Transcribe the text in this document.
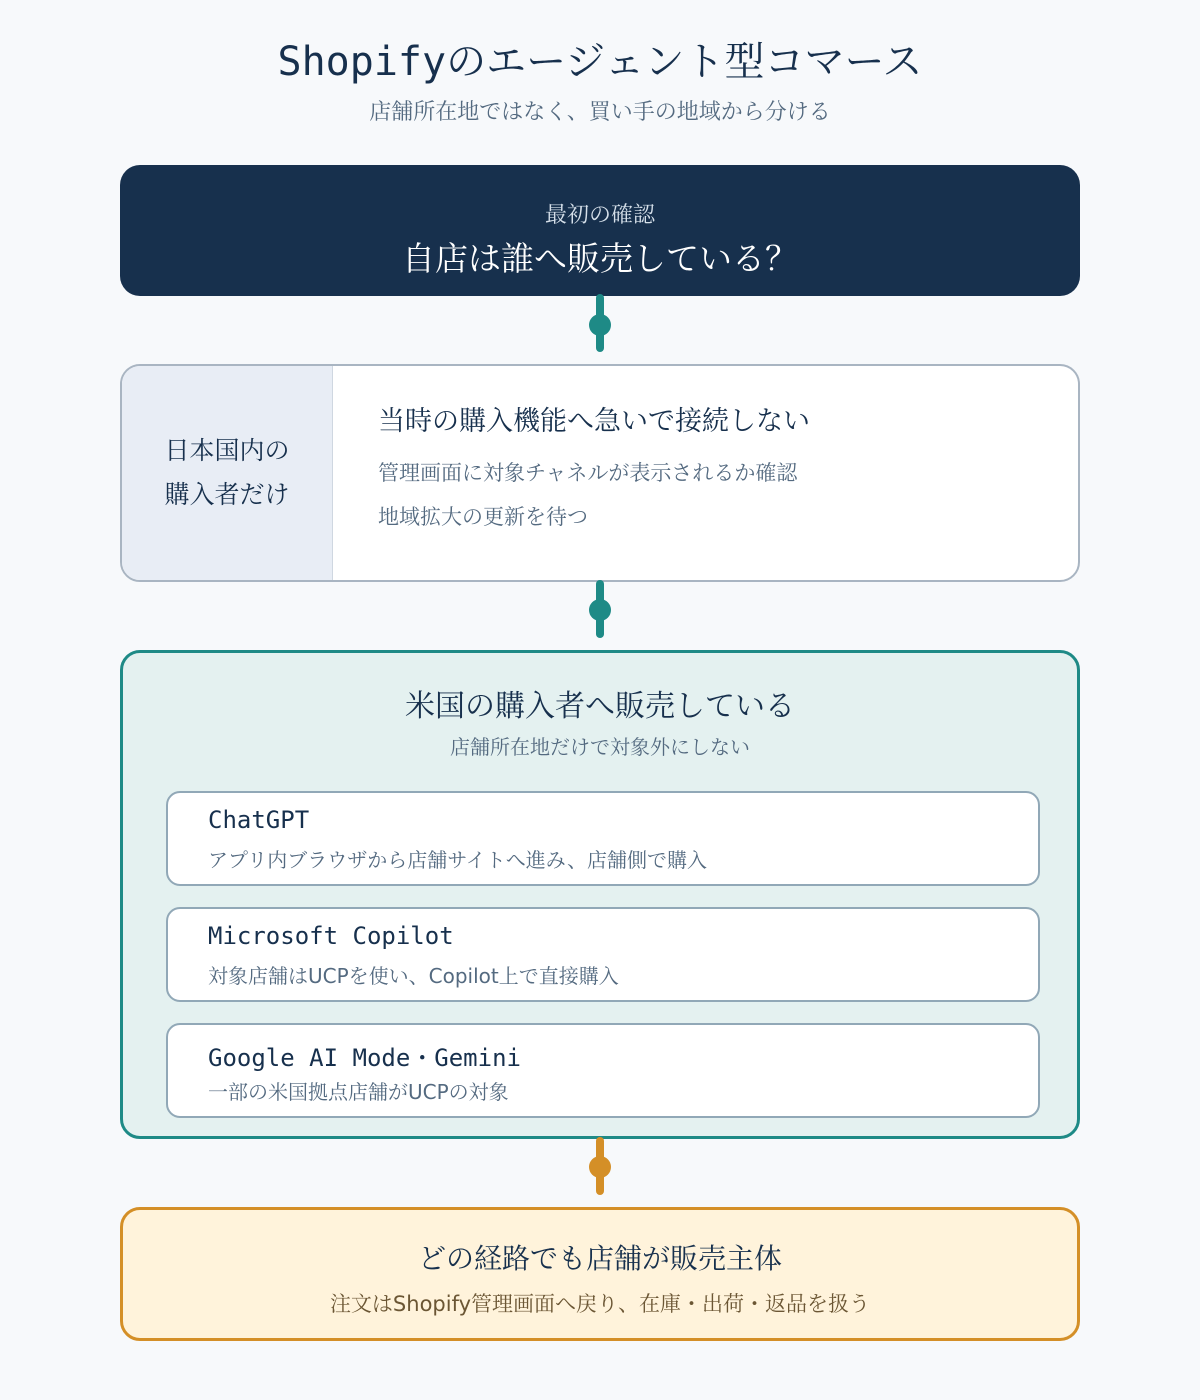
Shopifyのエージェント型コマース
店舗所在地ではなく、買い手の地域から分ける
最初の確認
自店は誰へ販売している？
日本国内の
購入者だけ
当時の購入機能へ急いで接続しない
管理画面に対象チャネルが表示されるか確認
地域拡大の更新を待つ
米国の購入者へ販売している
店舗所在地だけで対象外にしない
ChatGPT
アプリ内ブラウザから店舗サイトへ進み、店舗側で購入
Microsoft Copilot
対象店舗はUCPを使い、Copilot上で直接購入
Google AI Mode・Gemini
一部の米国拠点店舗がUCPの対象
どの経路でも店舗が販売主体
注文はShopify管理画面へ戻り、在庫・出荷・返品を扱う
